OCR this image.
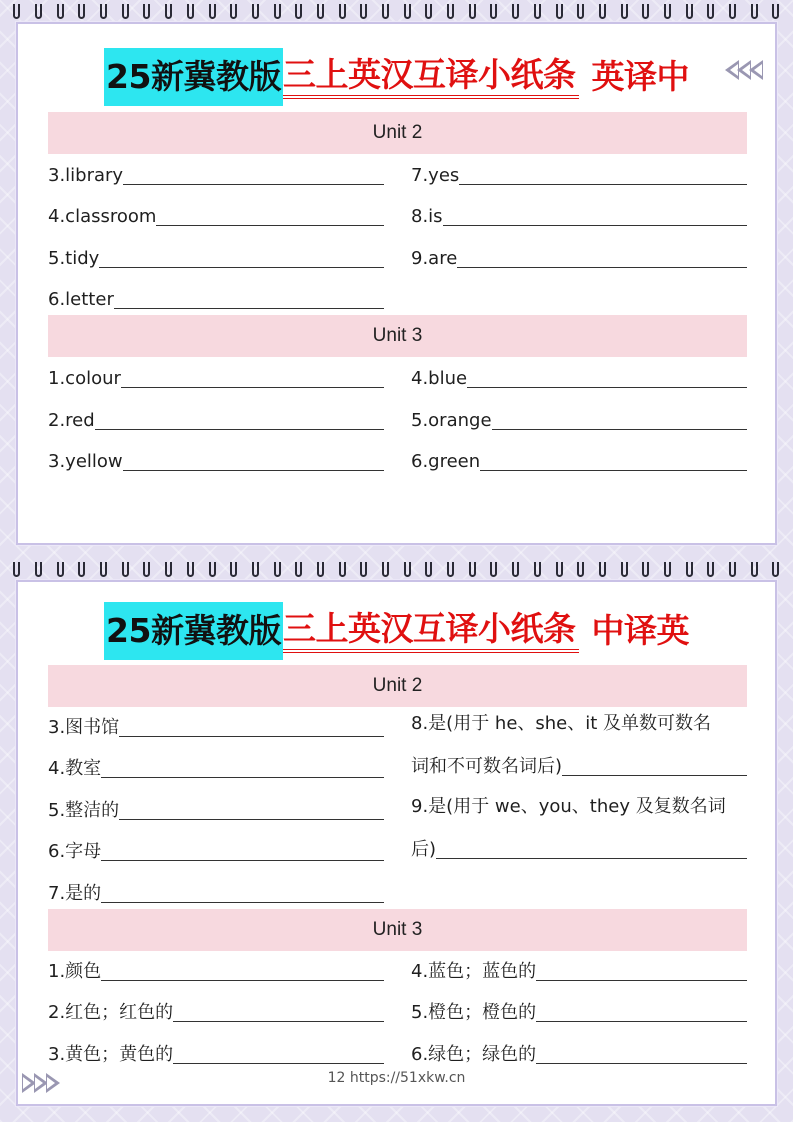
25新冀教版 三上英汉互译小纸条 英译中
Unit 2
3.library
4.classroom
5.tidy
6.letter
7.yes
8.is
9.are
Unit 3
1.colour
2.red
3.yellow
4.blue
5.orange
6.green
25新冀教版 三上英汉互译小纸条 中译英
Unit 2
3.图书馆
4.教室
5.整洁的
6.字母
7.是的
8.是(用于 he、she、it 及单数可数名
词和不可数名词后)
9.是(用于 we、you、they 及复数名词
后)
Unit 3
1.颜色
2.红色；红色的
3.黄色；黄色的
4.蓝色；蓝色的
5.橙色；橙色的
6.绿色；绿色的
12 https://51xkw.cn
